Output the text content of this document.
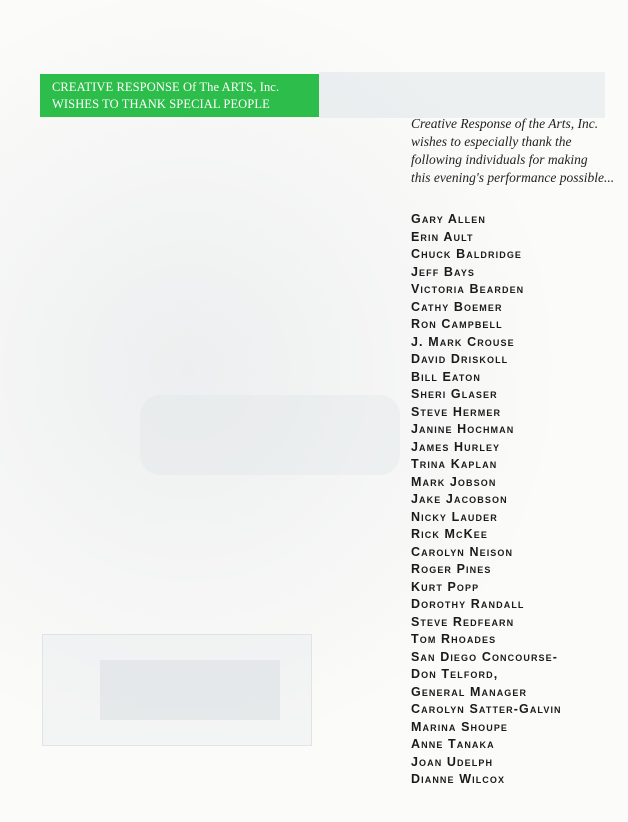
CREATIVE RESPONSE Of The ARTS, Inc.
WISHES TO THANK SPECIAL PEOPLE
Creative Response of the Arts, Inc.
wishes to especially thank the
following individuals for making
this evening's performance possible...
Gary Allen
Erin Ault
Chuck Baldridge
Jeff Bays
Victoria Bearden
Cathy Boemer
Ron Campbell
J. Mark Crouse
David Driskoll
Bill Eaton
Sheri Glaser
Steve Hermer
Janine Hochman
James Hurley
Trina Kaplan
Mark Jobson
Jake Jacobson
Nicky Lauder
Rick McKee
Carolyn Neison
Roger Pines
Kurt Popp
Dorothy Randall
Steve Redfearn
Tom Rhoades
San Diego Concourse-
Don Telford,
General Manager
Carolyn Satter-Galvin
Marina Shoupe
Anne Tanaka
Joan Udelph
Dianne Wilcox
